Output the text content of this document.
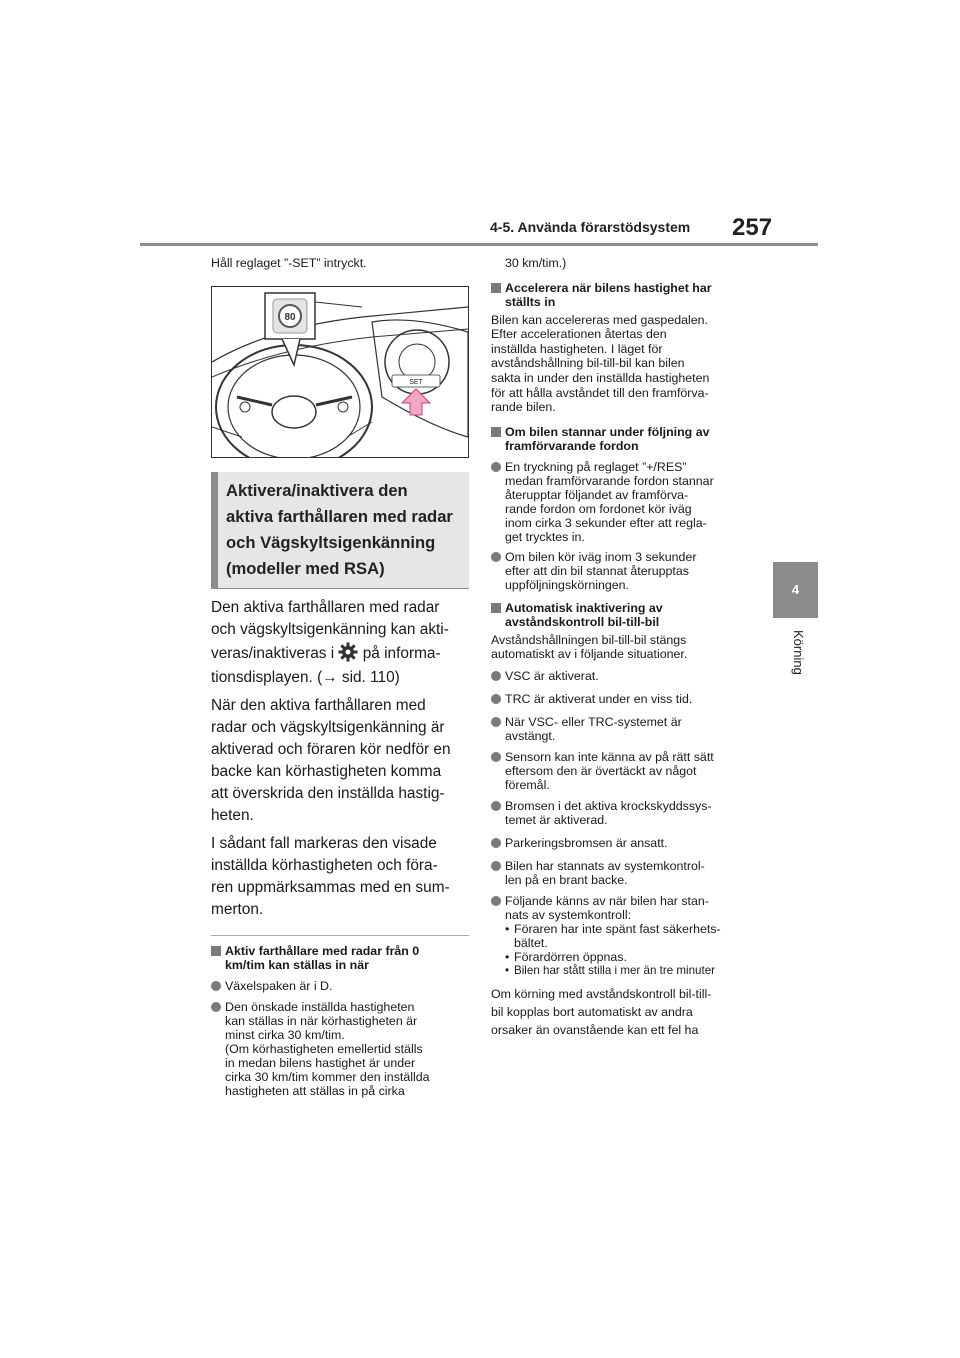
4-5. Använda förarstödsystem 257
4
Körning

Håll reglaget ”-SET” intryckt.

SET
80
Aktivera/inaktivera den
aktiva farthållaren med radar
och Vägskyltsigenkänning
(modeller med RSA)

Den aktiva farthållaren med radar

och vägskyltsigenkänning kan akti-

veras/inaktiveras i på informa-

tionsdisplayen. (→ sid. 110)

När den aktiva farthållaren med

radar och vägskyltsigenkänning är

aktiverad och föraren kör nedför en

backe kan körhastigheten komma

att överskrida den inställda hastig-

heten.

I sådant fall markeras den visade

inställda körhastigheten och föra-

ren uppmärksammas med en sum-

merton.

Aktiv farthållare med radar från 0

km/tim kan ställas in när

Växelspaken är i D.

Den önskade inställda hastigheten

kan ställas in när körhastigheten är

minst cirka 30 km/tim.

(Om körhastigheten emellertid ställs

in medan bilens hastighet är under

cirka 30 km/tim kommer den inställda

hastigheten att ställas in på cirka

30 km/tim.)

Accelerera när bilens hastighet har

ställts in

Bilen kan accelereras med gaspedalen.

Efter accelerationen återtas den

inställda hastigheten. I läget för

avståndshållning bil-till-bil kan bilen

sakta in under den inställda hastigheten

för att hålla avståndet till den framförva-

rande bilen.

Om bilen stannar under följning av

framförvarande fordon

En tryckning på reglaget ”+/RES”

medan framförvarande fordon stannar

återupptar följandet av framförva-

rande fordon om fordonet kör iväg

inom cirka 3 sekunder efter att regla-

get trycktes in.

Om bilen kör iväg inom 3 sekunder

efter att din bil stannat återupptas

uppföljningskörningen.

Automatisk inaktivering av

avståndskontroll bil-till-bil

Avståndshållningen bil-till-bil stängs

automatiskt av i följande situationer.

VSC är aktiverat.

TRC är aktiverat under en viss tid.

När VSC- eller TRC-systemet är

avstängt.

Sensorn kan inte känna av på rätt sätt

eftersom den är övertäckt av något

föremål.

Bromsen i det aktiva krockskyddssys-

temet är aktiverad.

Parkeringsbromsen är ansatt.

Bilen har stannats av systemkontrol-

len på en brant backe.

Följande känns av när bilen har stan-

nats av systemkontroll:

• Föraren har inte spänt fast säkerhets-

bältet.

• Förardörren öppnas.

• Bilen har stått stilla i mer än tre minuter

Om körning med avståndskontroll bil-till-

bil kopplas bort automatiskt av andra

orsaker än ovanstående kan ett fel ha
